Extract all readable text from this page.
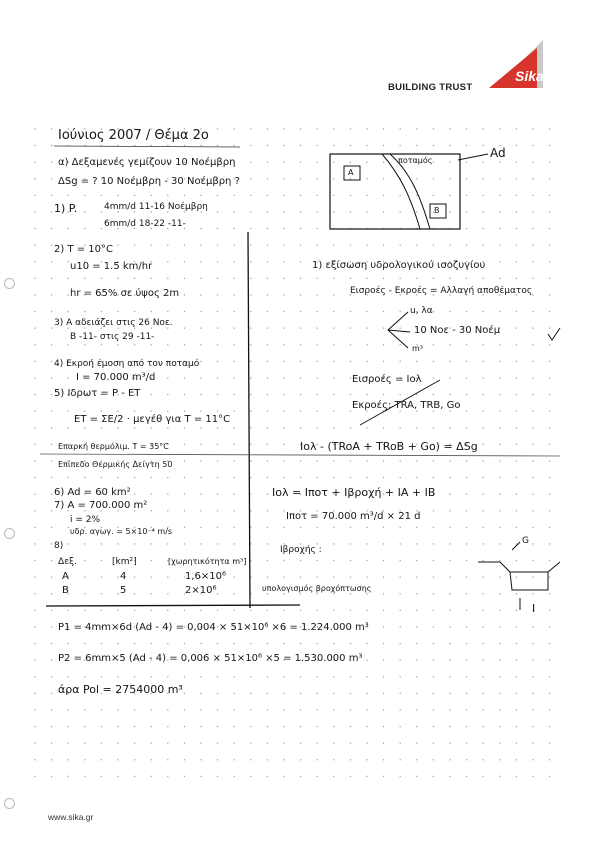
Sika
BUILDING TRUST
Ιούνιος 2007 / Θέμα 2ο
α) Δεξαμενές γεμίζουν 10 Νοέμβρη
ΔSg = ? 10 Νοέμβρη - 30 Νοέμβρη ?
1) P.	4mm/d 11-16 Νοέμβρη
6mm/d 18-22 -11-
2) T = 10°C
u10 = 1.5 km/hr
hr = 65% σε ύψος 2m
3) A αδειάζει στις 26 Νοε.
B -11- στις 29 -11-
4) Εκροή έμοση από τον ποταμό
I = 70.000 m³/d
5) Iδρωτ = P - ET
ET = ΣΕ/2 · μεγέθ για T = 11°C
Επαρκή θερμόλιμ. T = 35°C
Επίπεδο Θερμικής Δείγτη 50
6) Ad = 60 km²
7) A = 700.000 m²
i = 2%
υδρ. αγωγ. = 5×10⁻⁴ m/s
8)
Δεξ.	[km²]	[χωρητικότητα m³]
A	4	1,6×10⁶
B	5	2×10⁶
A
B
ποταμός
Ad
1) εξίσωση υδρολογικού ισοζυγίου
Εισροές - Εκροές = Αλλαγή αποθέματος
u, λα
10 Νοε - 30 Νοέμ
m³
Εισροές = Iολ
Εκροές: TRA, TRB, Go
Iολ - (TRoA + TRoB + Go) = ΔSg
Iολ = Iποτ + Iβροχή + IA + IB
Iποτ = 70.000 m³/d × 21 d
Iβροχής :
υπολογισμός βροχόπτωσης
G
I
P1 = 4mm×6d (Ad - 4) = 0,004 × 51×10⁶ ×6 = 1.224.000 m³
P2 = 6mm×5 (Ad - 4) = 0,006 × 51×10⁶ ×5 = 1.530.000 m³
άρα Pol = 2754000 m³
www.sika.gr
